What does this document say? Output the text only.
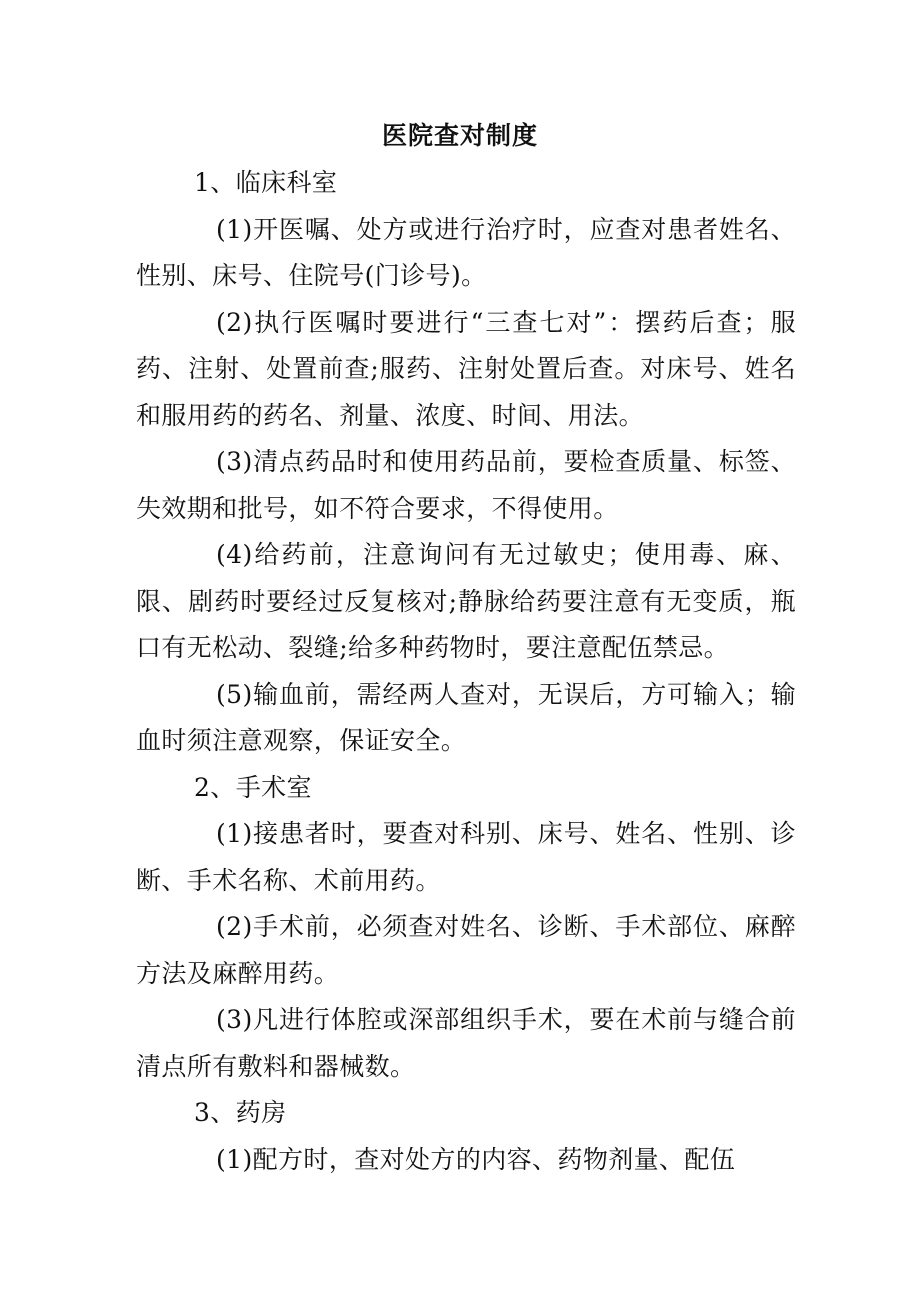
医院查对制度

1、临床科室

(1)开医嘱、处方或进行治疗时，应查对患者姓名、性别、床号、住院号(门诊号)。

(2)执行医嘱时要进行“三查七对”：摆药后查；服药、注射、处置前查;服药、注射处置后查。对床号、姓名和服用药的药名、剂量、浓度、时间、用法。

(3)清点药品时和使用药品前，要检查质量、标签、失效期和批号，如不符合要求，不得使用。

(4)给药前，注意询问有无过敏史；使用毒、麻、限、剧药时要经过反复核对;静脉给药要注意有无变质，瓶口有无松动、裂缝;给多种药物时，要注意配伍禁忌。

(5)输血前，需经两人查对，无误后，方可输入；输血时须注意观察，保证安全。

2、手术室

(1)接患者时，要查对科别、床号、姓名、性别、诊断、手术名称、术前用药。

(2)手术前，必须查对姓名、诊断、手术部位、麻醉方法及麻醉用药。

(3)凡进行体腔或深部组织手术，要在术前与缝合前清点所有敷料和器械数。

3、药房

(1)配方时，查对处方的内容、药物剂量、配伍
